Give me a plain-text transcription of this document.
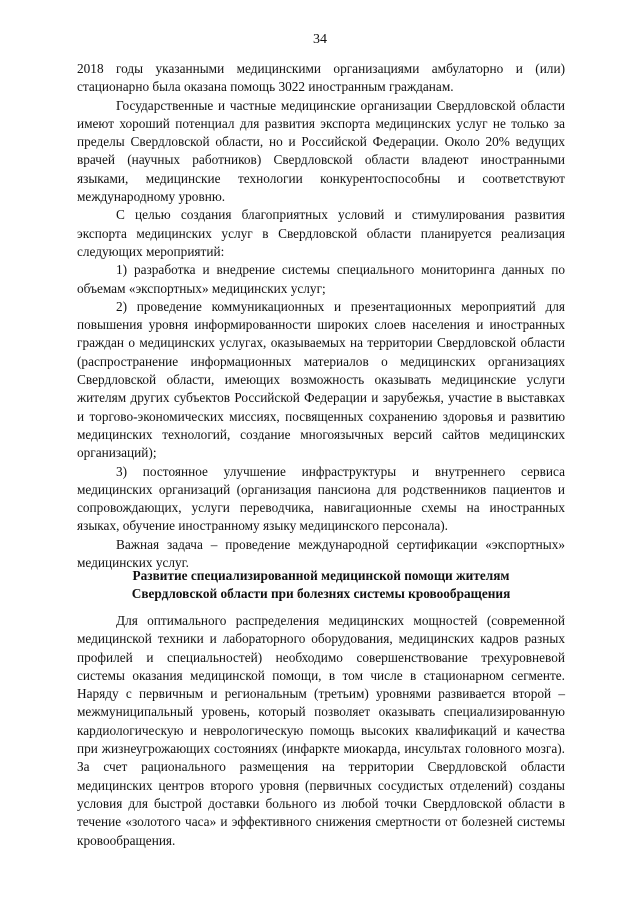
34

2018 годы указанными медицинскими организациями амбулаторно и (или) стационарно была оказана помощь 3022 иностранным гражданам.

Государственные и частные медицинские организации Свердловской области имеют хороший потенциал для развития экспорта медицинских услуг не только за пределы Свердловской области, но и Российской Федерации. Около 20% ведущих врачей (научных работников) Свердловской области владеют иностранными языками, медицинские технологии конкурентоспособны и соответствуют международному уровню.

С целью создания благоприятных условий и стимулирования развития экспорта медицинских услуг в Свердловской области планируется реализация следующих мероприятий:

1) разработка и внедрение системы специального мониторинга данных по объемам «экспортных» медицинских услуг;

2) проведение коммуникационных и презентационных мероприятий для повышения уровня информированности широких слоев населения и иностранных граждан о медицинских услугах, оказываемых на территории Свердловской области (распространение информационных материалов о медицинских организациях Свердловской области, имеющих возможность оказывать медицинские услуги жителям других субъектов Российской Федерации и зарубежья, участие в выставках и торгово-экономических миссиях, посвященных сохранению здоровья и развитию медицинских технологий, создание многоязычных версий сайтов медицинских организаций);

3) постоянное улучшение инфраструктуры и внутреннего сервиса медицинских организаций (организация пансиона для родственников пациентов и сопровождающих, услуги переводчика, навигационные схемы на иностранных языках, обучение иностранному языку медицинского персонала).

Важная задача – проведение международной сертификации «экспортных» медицинских услуг.

Развитие специализированной медицинской помощи жителям
Свердловской области при болезнях системы кровообращения

Для оптимального распределения медицинских мощностей (современной медицинской техники и лабораторного оборудования, медицинских кадров разных профилей и специальностей) необходимо совершенствование трехуровневой системы оказания медицинской помощи, в том числе в стационарном сегменте. Наряду с первичным и региональным (третьим) уровнями развивается второй – межмуниципальный уровень, который позволяет оказывать специализированную кардиологическую и неврологическую помощь высоких квалификаций и качества при жизнеугрожающих состояниях (инфаркте миокарда, инсультах головного мозга). За счет рационального размещения на территории Свердловской области медицинских центров второго уровня (первичных сосудистых отделений) созданы условия для быстрой доставки больного из любой точки Свердловской области в течение «золотого часа» и эффективного снижения смертности от болезней системы кровообращения.
